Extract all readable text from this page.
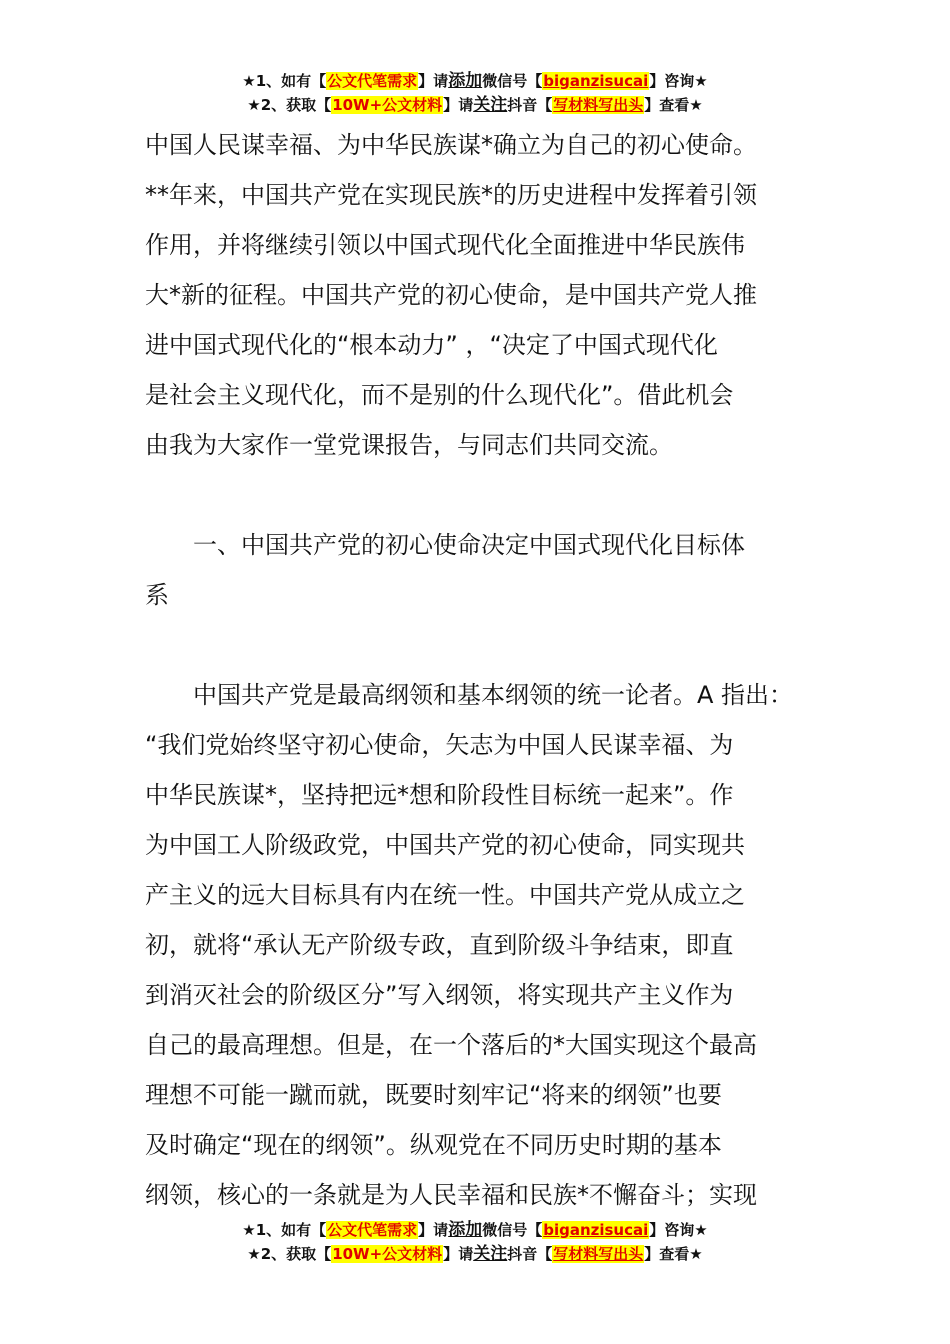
★1、如有【公文代笔需求】请添加微信号【biganzisucai】咨询★
★2、获取【10W+公文材料】请关注抖音【写材料写出头】查看★
中国人民谋幸福、为中华民族谋*确立为自己的初心使命。
**年来，中国共产党在实现民族*的历史进程中发挥着引领
作用，并将继续引领以中国式现代化全面推进中华民族伟
大*新的征程。中国共产党的初心使命，是中国共产党人推
进中国式现代化的“根本动力” ，“决定了中国式现代化
是社会主义现代化，而不是别的什么现代化”。借此机会
由我为大家作一堂党课报告，与同志们共同交流。
　　一、中国共产党的初心使命决定中国式现代化目标体
系
　　中国共产党是最高纲领和基本纲领的统一论者。A 指出：
“我们党始终坚守初心使命，矢志为中国人民谋幸福、为
中华民族谋*，坚持把远*想和阶段性目标统一起来”。作
为中国工人阶级政党，中国共产党的初心使命，同实现共
产主义的远大目标具有内在统一性。中国共产党从成立之
初，就将“承认无产阶级专政，直到阶级斗争结束，即直
到消灭社会的阶级区分”写入纲领，将实现共产主义作为
自己的最高理想。但是，在一个落后的*大国实现这个最高
理想不可能一蹴而就，既要时刻牢记“将来的纲领”也要
及时确定“现在的纲领”。纵观党在不同历史时期的基本
纲领，核心的一条就是为人民幸福和民族*不懈奋斗；实现
★1、如有【公文代笔需求】请添加微信号【biganzisucai】咨询★
★2、获取【10W+公文材料】请关注抖音【写材料写出头】查看★
